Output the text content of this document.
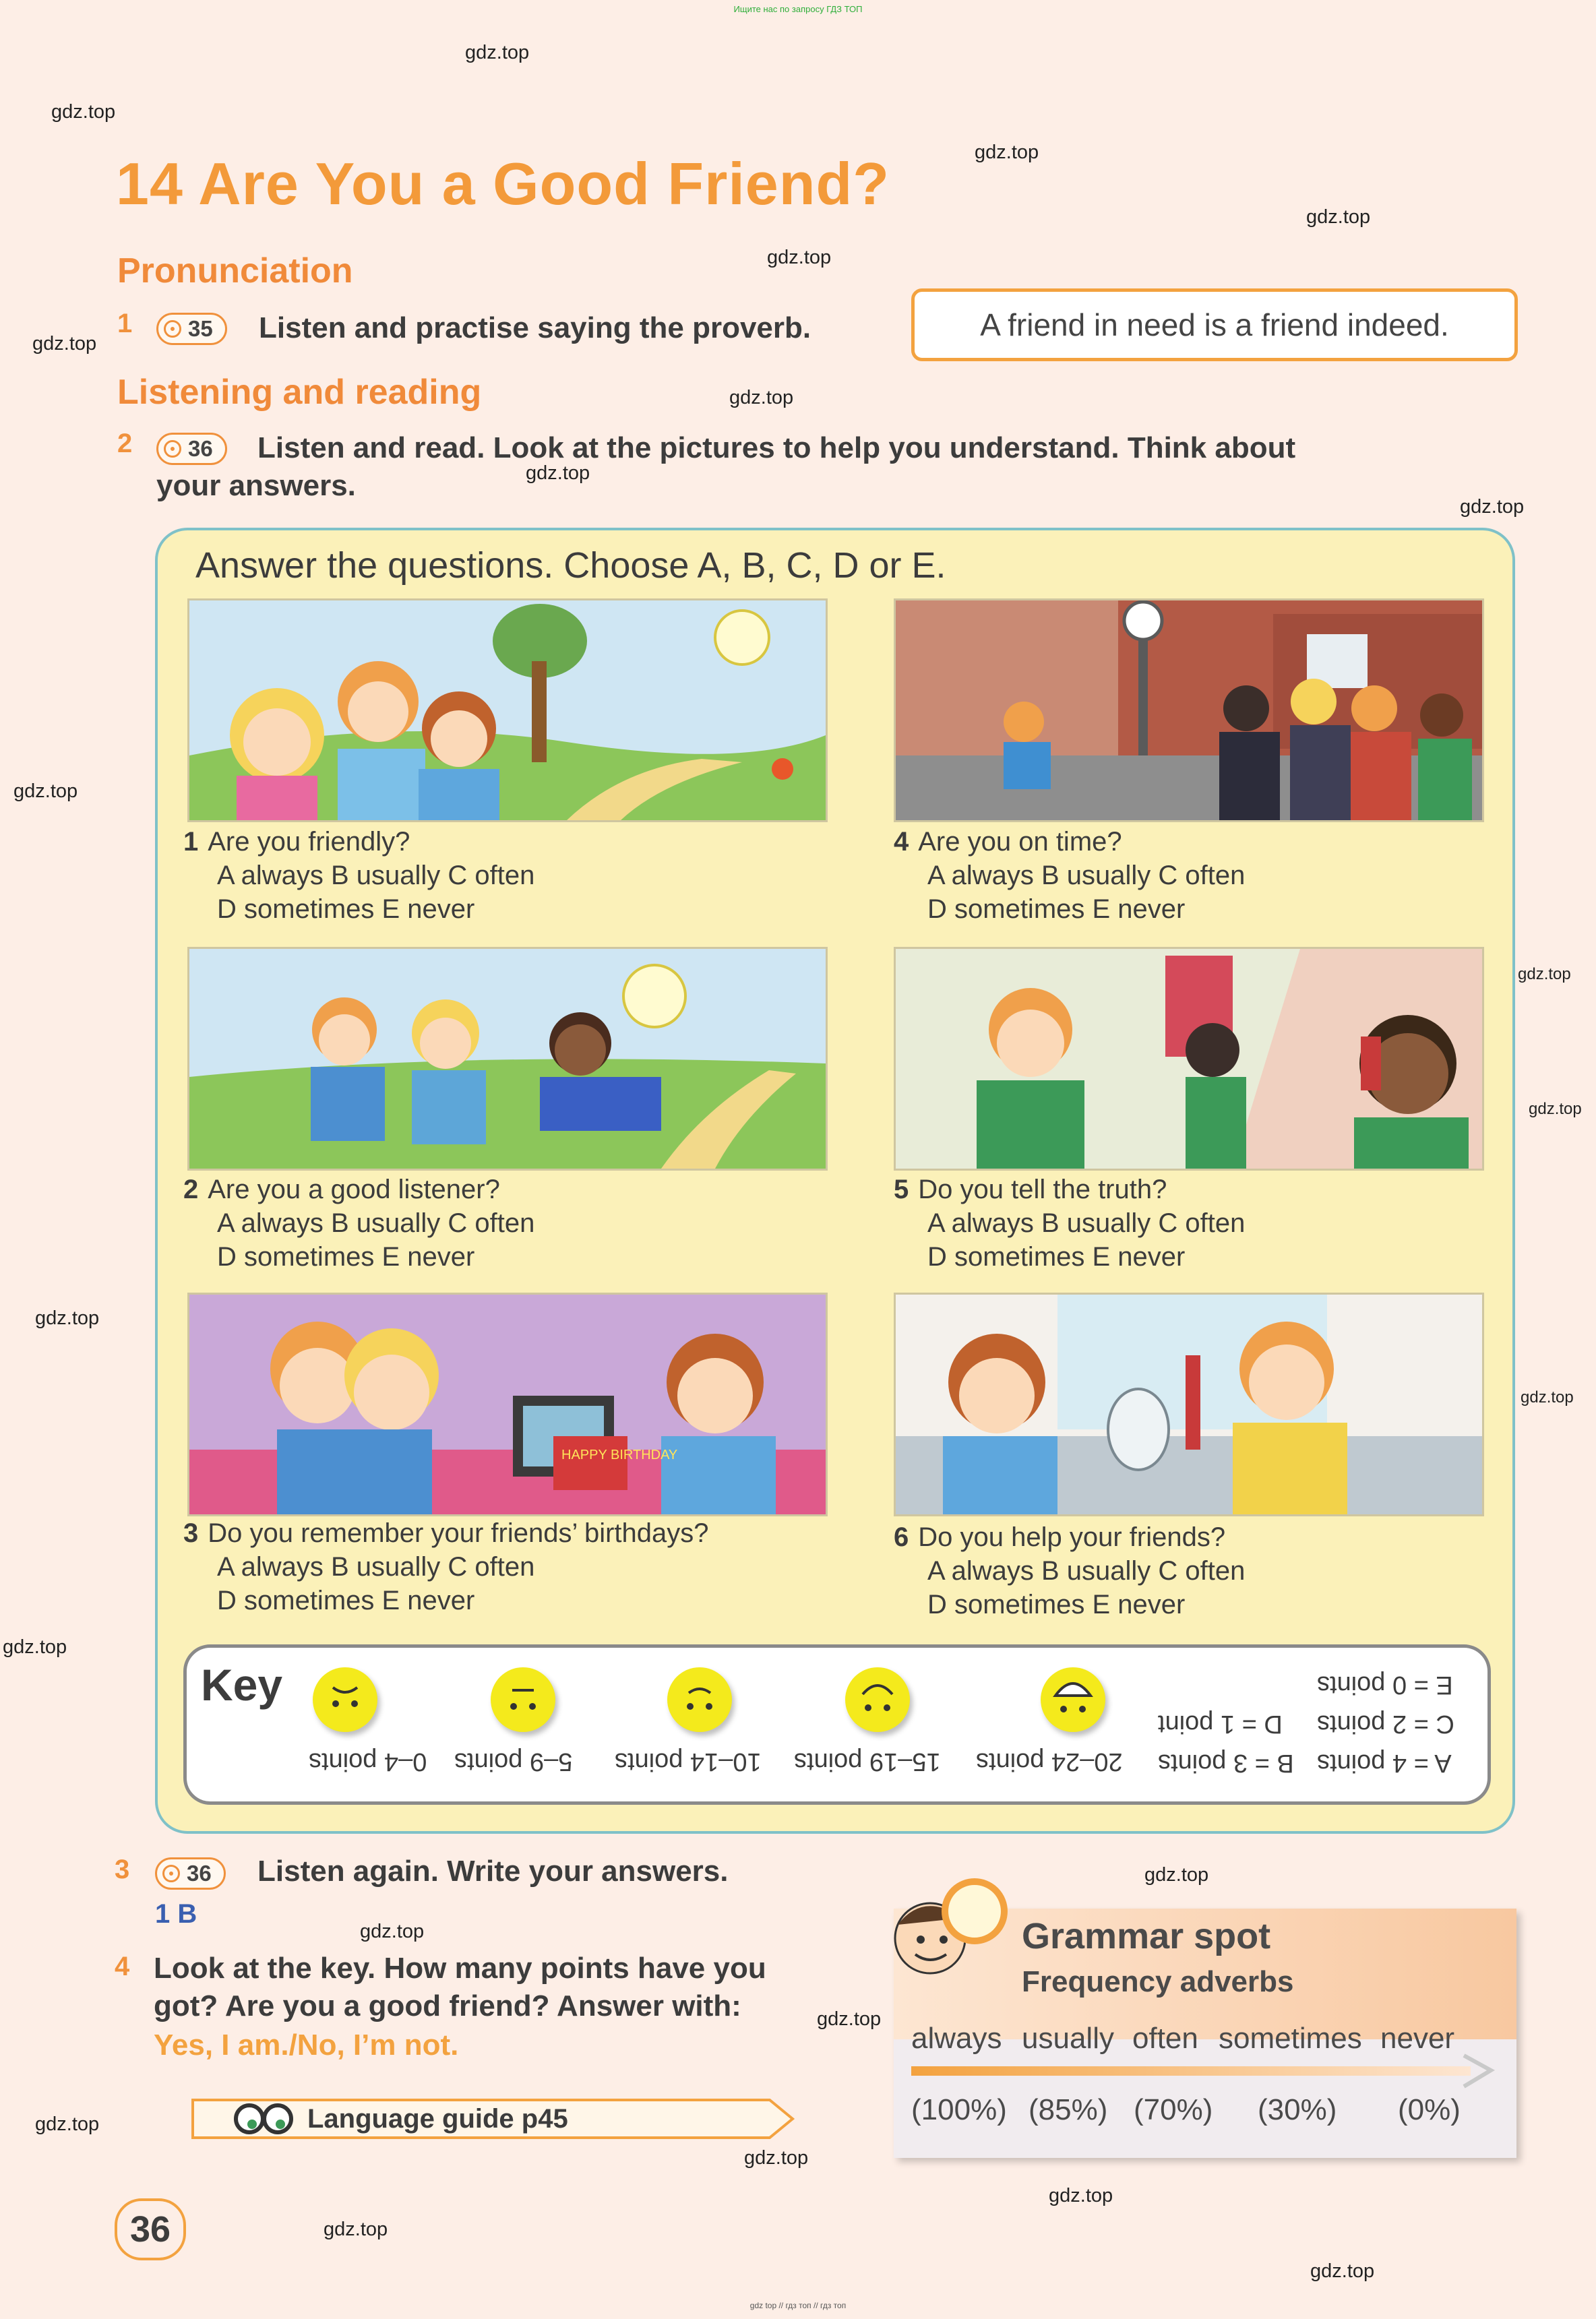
Ищите нас по запросу ГДЗ ТОП
gdz top // гдз топ // гдз топ
gdz.top
gdz.top
gdz.top
gdz.top
gdz.top
gdz.top
gdz.top
gdz.top
gdz.top
gdz.top
gdz.top
gdz.top
gdz.top
gdz.top
gdz.top
gdz.top
gdz.top
gdz.top
gdz.top
gdz.top
gdz.top
gdz.top
gdz.top
14 Are You a Good Friend?
Pronunciation
1	35 Listen and practise saying the proverb.	A friend in need is a friend indeed.
Listening and reading
2	36 Listen and read. Look at the pictures to help you understand. Think about
your answers.
Answer the questions. Choose A, B, C, D or E.
1 Are you friendly?
A always B usually C often
D sometimes E never
4 Are you on time?
A always B usually C often
D sometimes E never
2 Are you a good listener?
A always B usually C often
D sometimes E never
5 Do you tell the truth?
A always B usually C often
D sometimes E never
HAPPY BIRTHDAY
3 Do you remember your friends’ birthdays?
A always B usually C often
D sometimes E never
6 Do you help your friends?
A always B usually C often
D sometimes E never
Key
0–4 points 5–9 points 10–14 points 15–19 points 20–24 points
E = 0 points
C = 2 points
D = 1 point
A = 4 points
B = 3 points
3	36 Listen again. Write your answers.
1 B
4 Look at the key. How many points have you
got? Are you a good friend? Answer with:
Yes, I am./No, I’m not.
Language guide p45
Grammar spot
Frequency adverbs
always usually often sometimes never
(100%) (85%) (70%) (30%) (0%)
36
